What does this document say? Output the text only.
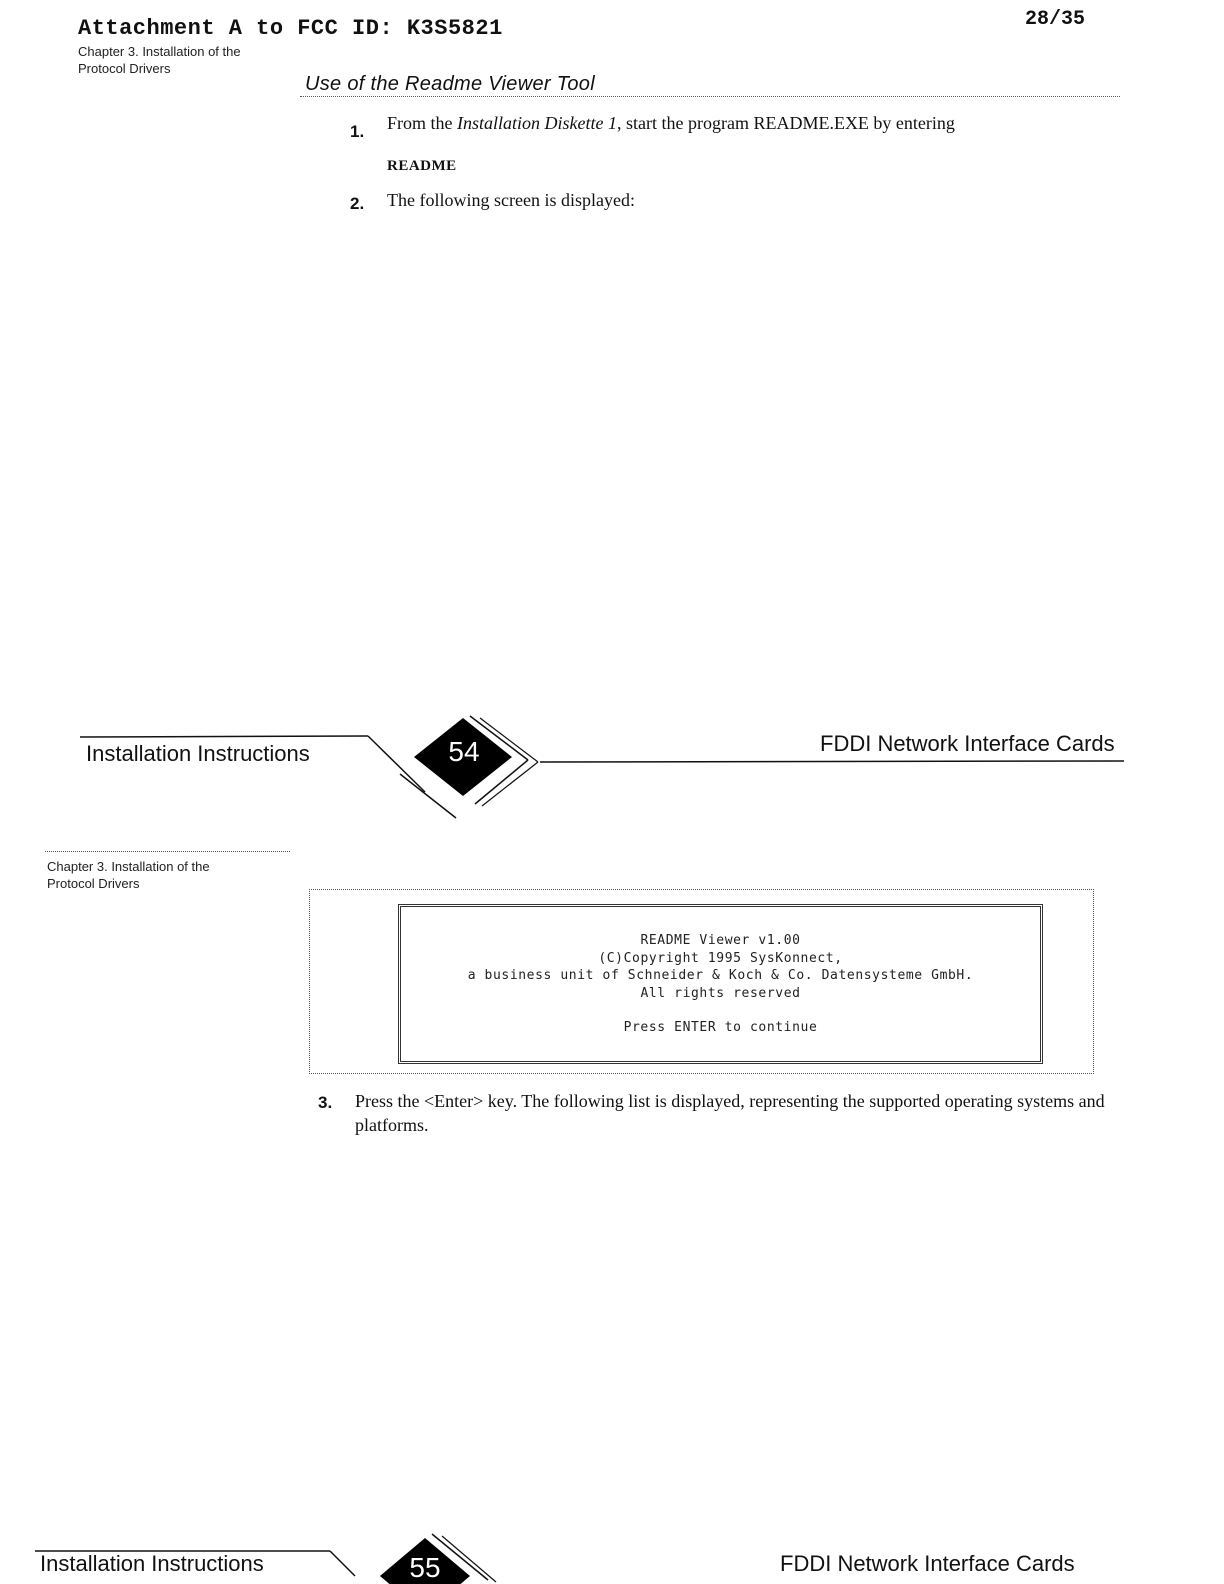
Attachment A to FCC ID: K3S5821	28/35
Chapter 3. Installation of the Protocol Drivers
Use of the Readme Viewer Tool
1. From the Installation Diskette 1, start the program README.EXE by entering
README
2. The following screen is displayed:
Installation Instructions	54	FDDI Network Interface Cards
Chapter 3. Installation of the Protocol Drivers
README Viewer v1.00
(C)Copyright 1995 SysKonnect,
a business unit of Schneider & Koch & Co. Datensysteme GmbH.
All rights reserved
Press ENTER to continue
3. Press the <Enter> key. The following list is displayed, representing the supported operating systems and platforms.
Installation Instructions	55	FDDI Network Interface Cards
